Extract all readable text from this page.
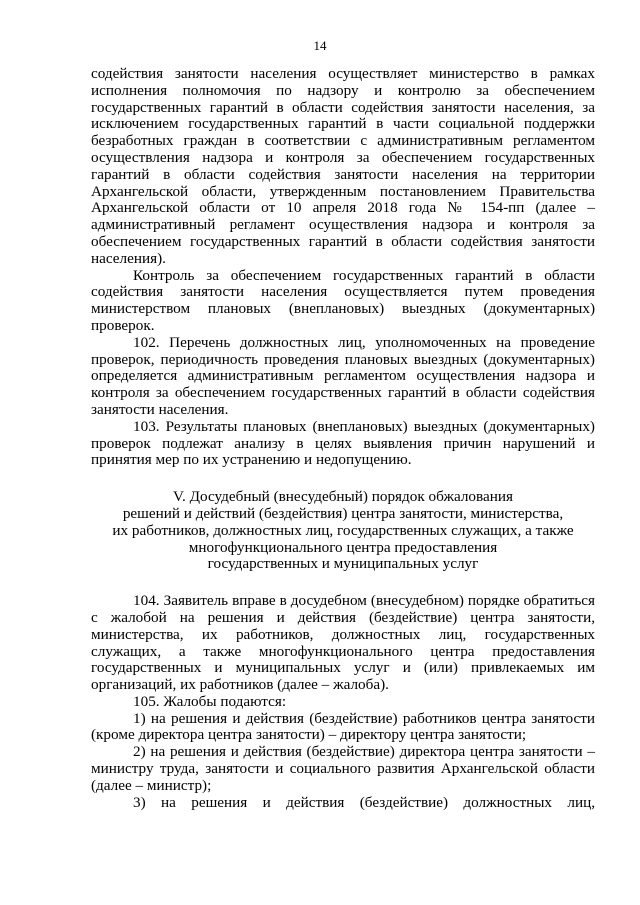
14

содействия занятости населения осуществляет министерство в рамках исполнения полномочия по надзору и контролю за обеспечением государственных гарантий в области содействия занятости населения, за исключением государственных гарантий в части социальной поддержки безработных граждан в соответствии с административным регламентом осуществления надзора и контроля за обеспечением государственных гарантий в области содействия занятости населения на территории Архангельской области, утвержденным постановлением Правительства Архангельской области от 10 апреля 2018 года № 154-пп (далее – административный регламент осуществления надзора и контроля за обеспечением государственных гарантий в области содействия занятости населения).

Контроль за обеспечением государственных гарантий в области содействия занятости населения осуществляется путем проведения министерством плановых (внеплановых) выездных (документарных) проверок.

102. Перечень должностных лиц, уполномоченных на проведение проверок, периодичность проведения плановых выездных (документарных) определяется административным регламентом осуществления надзора и контроля за обеспечением государственных гарантий в области содействия занятости населения.

103. Результаты плановых (внеплановых) выездных (документарных) проверок подлежат анализу в целях выявления причин нарушений и принятия мер по их устранению и недопущению.

V. Досудебный (внесудебный) порядок обжалования

решений и действий (бездействия) центра занятости, министерства,

их работников, должностных лиц, государственных служащих, а также

многофункционального центра предоставления

государственных и муниципальных услуг

104. Заявитель вправе в досудебном (внесудебном) порядке обратиться с жалобой на решения и действия (бездействие) центра занятости, министерства, их работников, должностных лиц, государственных служащих, а также многофункционального центра предоставления государственных и муниципальных услуг и (или) привлекаемых им организаций, их работников (далее – жалоба).

105. Жалобы подаются:

1) на решения и действия (бездействие) работников центра занятости (кроме директора центра занятости) – директору центра занятости;

2) на решения и действия (бездействие) директора центра занятости – министру труда, занятости и социального развития Архангельской области (далее – министр);

3) на решения и действия (бездействие) должностных лиц,
